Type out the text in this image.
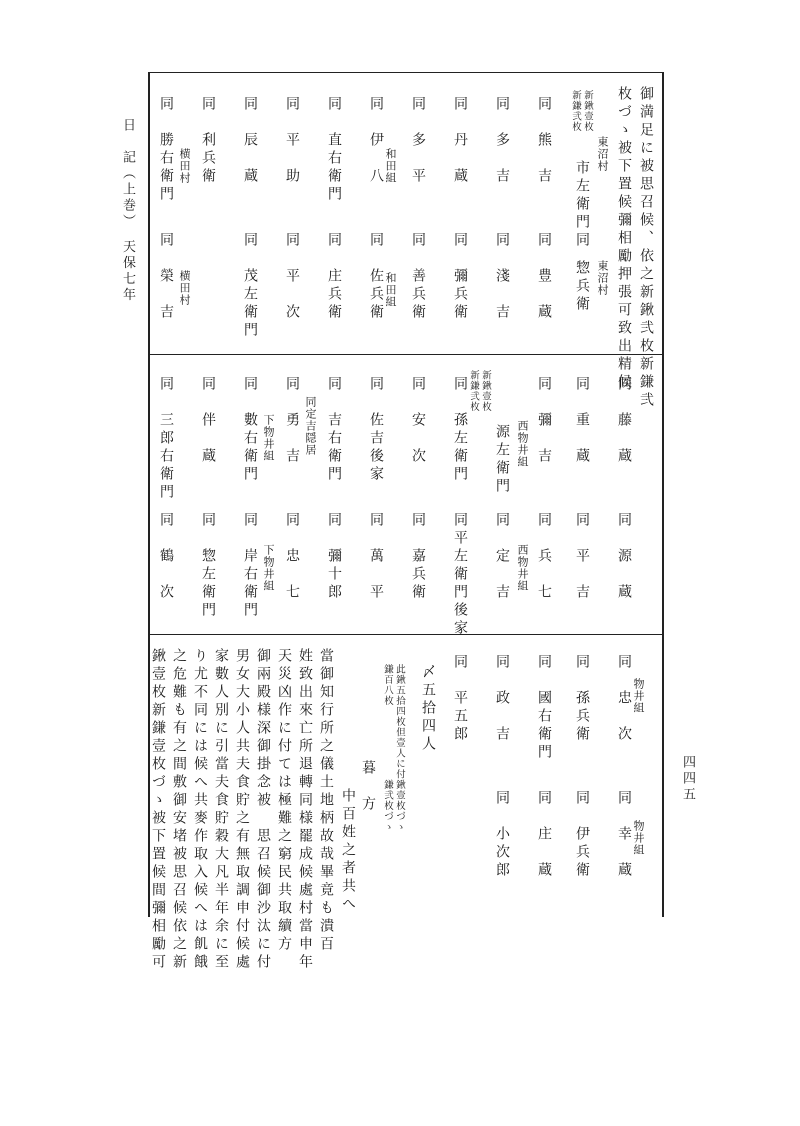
日　記（上巻）　天保七年
四四五
御満足に被思召候、依之新鍬弐枚新鎌弐
枚づゝ被下置候彌相勵押張可致出精候
新鍬壹枚
新鎌弐枚
東沼村
市左衛門
同
惣兵衛 東沼村
同　熊　吉
同　豊　蔵
同　多　吉
同　淺　吉
同　丹　蔵
同　彌兵衛
同　多　平
同　善兵衛
和田組
同　伊　八
和田組
同　佐兵衛
同　直右衛門
同　庄兵衛
同　平　助
同　平　次
同　辰　蔵
同　茂左衛門
同　利兵衛
横田村
横田村
同　勝右衛門
同　榮　吉
同　藤　蔵
同　源　蔵
同　重　蔵
同　平　吉
西物井組 同　彌　吉
同　兵　七
西物井組
新鍬壹枚
新鎌弐枚
源左衛門
同　定　吉
同　孫左衛門
同平左衛門後家
同　安　次
同　嘉兵衛
同　佐吉後家
同　萬　平
同　吉右衛門
同定吉隠居
同　彌十郎
下物井組 同　勇　吉
同　忠　七
下物井組
同　數右衛門
同　岸右衛門
同　伴　蔵
同　惣左衛門
同　三郎右衛門
同　鶴　次
物井組
同　忠　次
同　幸　蔵 物井組
同　孫兵衛
同　伊兵衛
同　國右衛門
同　庄　蔵
同　政　吉
同　小次郎
同　平五郎
〆五拾四人
此鍬五拾四枚但壹人に付鍬壹枚づゝ
鎌百八枚　　　　　　　鎌弐枚づゝ
暮　方
中百姓之者共へ
當御知行所之儀土地柄故哉畢竟も潰百
姓致出來亡所退轉同様罷成候處村當申年
天災凶作に付ては極難之窮民共取續方
御兩殿様深御掛念被　思召候御沙汰に付
男女大小人共夫食貯之有無取調申付候處
家數人別に引當夫食貯穀大凡半年余に至
り尤不同には候へ共麥作取入候へは飢餓
之危難も有之間敷御安堵被思召候依之新
鍬壹枚新鎌壹枚づゝ被下置候間彌相勵可
